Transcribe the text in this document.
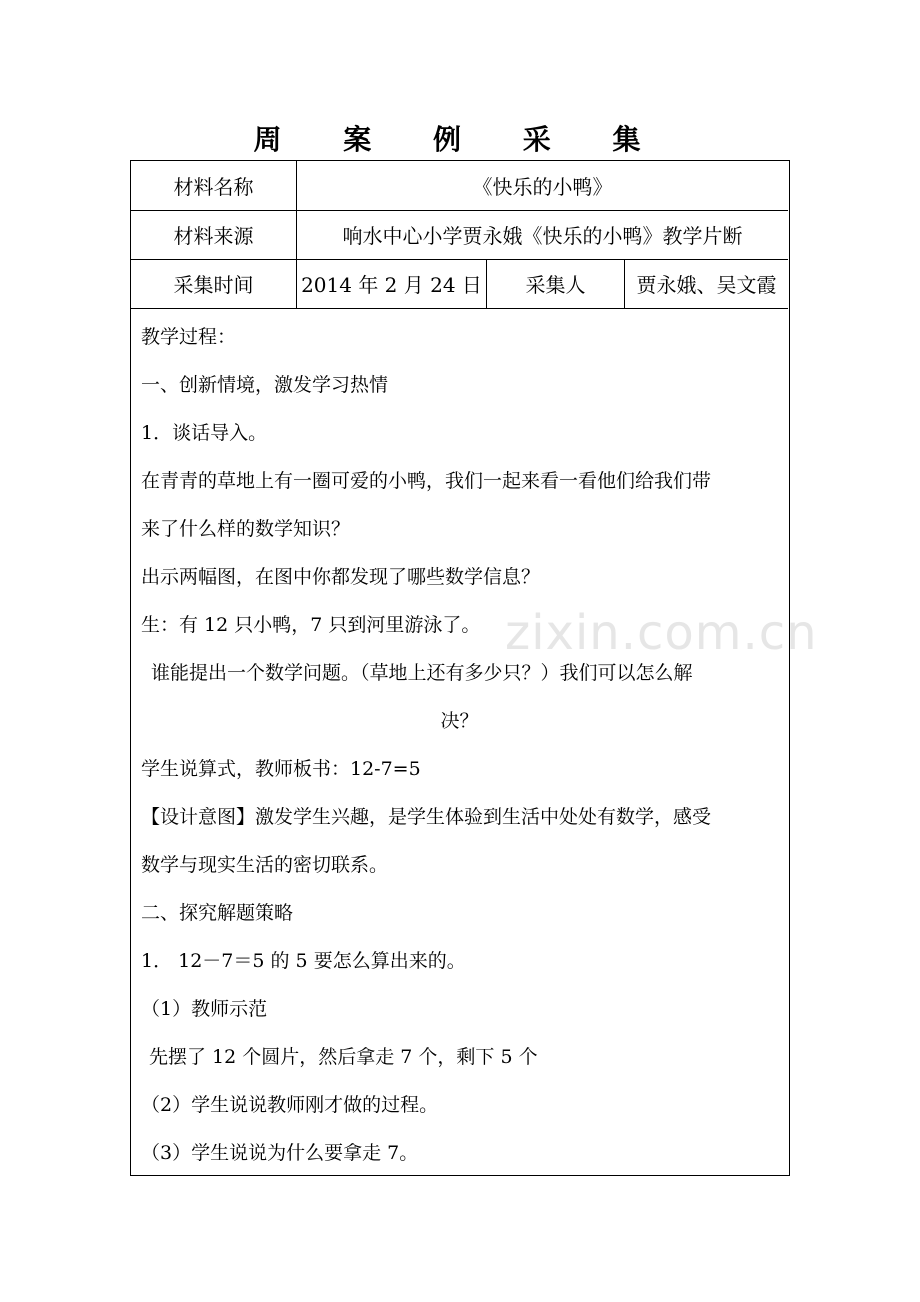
周 案 例 采 集
材料名称	《快乐的小鸭》
材料来源	响水中心小学贾永娥《快乐的小鸭》教学片断
采集时间	2014 年 2 月 24 日	采集人	贾永娥、吴文霞
教学过程：
一、创新情境，激发学习热情
1．谈话导入。
在青青的草地上有一圈可爱的小鸭，我们一起来看一看他们给我们带
来了什么样的数学知识？
出示两幅图，在图中你都发现了哪些数学信息？
生：有 12 只小鸭，7 只到河里游泳了。
谁能提出一个数学问题。（草地上还有多少只？）我们可以怎么解
决？
学生说算式，教师板书：12-7=5
【设计意图】激发学生兴趣，是学生体验到生活中处处有数学，感受
数学与现实生活的密切联系。
二、探究解题策略
1． 12－7＝5 的 5 要怎么算出来的。
（1）教师示范
先摆了 12 个圆片，然后拿走 7 个，剩下 5 个
（2）学生说说教师刚才做的过程。
（3）学生说说为什么要拿走 7。
zixin.com.cn
